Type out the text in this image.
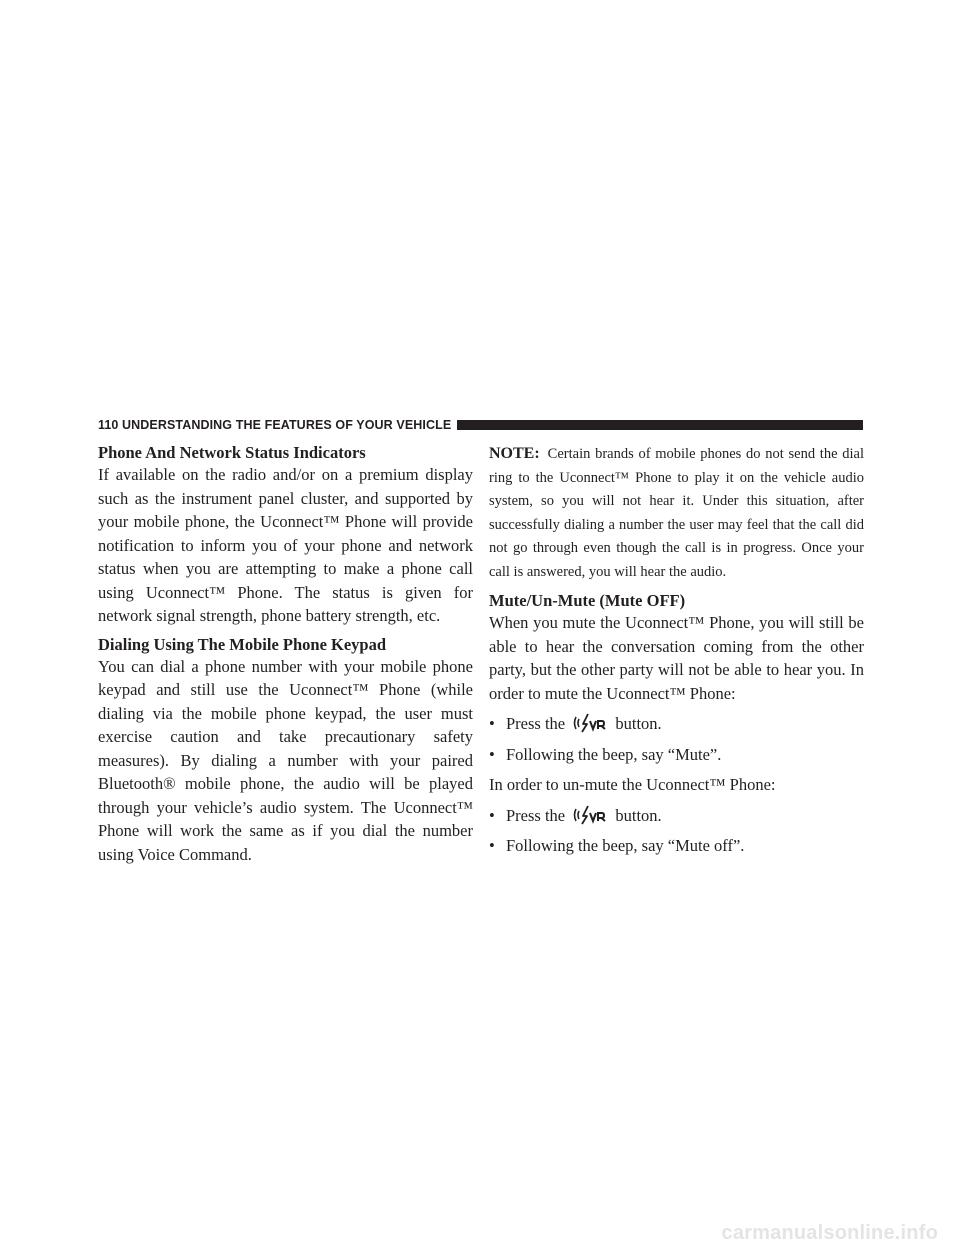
110 UNDERSTANDING THE FEATURES OF YOUR VEHICLE
Phone And Network Status Indicators

If available on the radio and/or on a premium display such as the instrument panel cluster, and supported by your mobile phone, the Uconnect™ Phone will provide notification to inform you of your phone and network status when you are attempting to make a phone call using Uconnect™ Phone. The status is given for network signal strength, phone battery strength, etc.

Dialing Using The Mobile Phone Keypad

You can dial a phone number with your mobile phone keypad and still use the Uconnect™ Phone (while dialing via the mobile phone keypad, the user must exercise caution and take precautionary safety measures). By dialing a number with your paired Bluetooth® mobile phone, the audio will be played through your vehicle’s audio system. The Uconnect™ Phone will work the same as if you dial the number using Voice Command.

NOTE: Certain brands of mobile phones do not send the dial ring to the Uconnect™ Phone to play it on the vehicle audio system, so you will not hear it. Under this situation, after successfully dialing a number the user may feel that the call did not go through even though the call is in progress. Once your call is answered, you will hear the audio.
Mute/Un-Mute (Mute OFF)

When you mute the Uconnect™ Phone, you will still be able to hear the conversation coming from the other party, but the other party will not be able to hear you. In order to mute the Uconnect™ Phone:

• Press the	button.
• Following the beep, say “Mute”.

In order to un-mute the Uconnect™ Phone:

• Press the	button.
• Following the beep, say “Mute off”.
carmanualsonline.info
